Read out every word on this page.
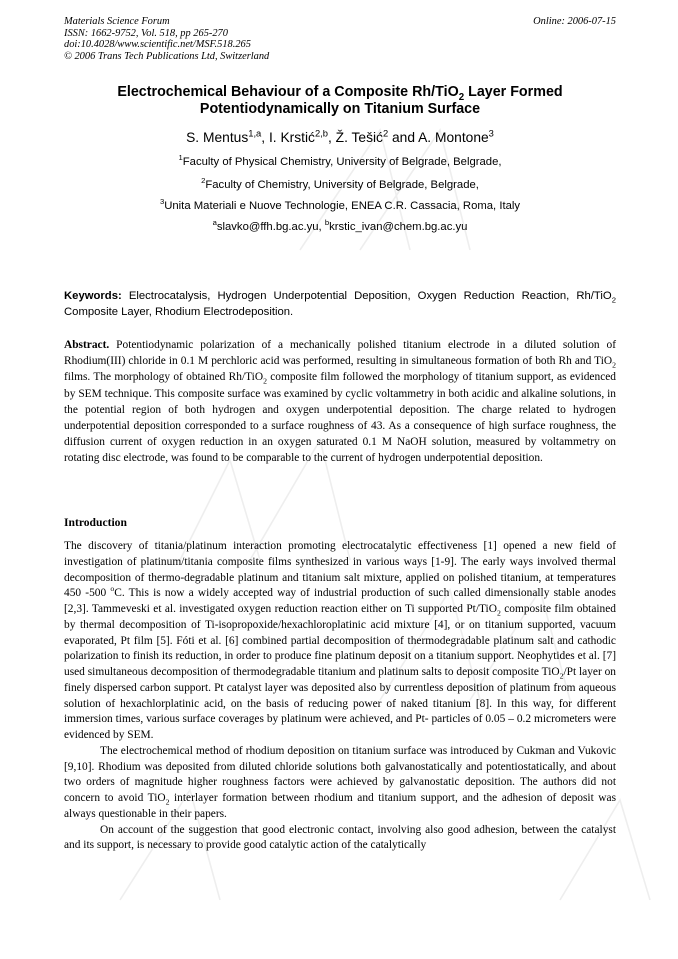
Materials Science Forum
ISSN: 1662-9752, Vol. 518, pp 265-270
doi:10.4028/www.scientific.net/MSF.518.265
© 2006 Trans Tech Publications Ltd, Switzerland
Online: 2006-07-15
Electrochemical Behaviour of a Composite Rh/TiO$_2$ Layer Formed
Potentiodynamically on Titanium Surface
S. Mentus$^{1,a}$, I. Krstić$^{2,b}$, Ž. Tešić$^2$ and A. Montone$^3$
$^1$Faculty of Physical Chemistry, University of Belgrade, Belgrade,
$^2$Faculty of Chemistry, University of Belgrade, Belgrade,
$^3$Unita Materiali e Nuove Technologie, ENEA C.R. Cassacia, Roma, Italy
$^a$slavko@ffh.bg.ac.yu, $^b$krstic_ivan@chem.bg.ac.yu
Keywords: Electrocatalysis, Hydrogen Underpotential Deposition, Oxygen Reduction Reaction, Rh/TiO$_2$ Composite Layer, Rhodium Electrodeposition.
Abstract. Potentiodynamic polarization of a mechanically polished titanium electrode in a diluted solution of Rhodium(III) chloride in 0.1 M perchloric acid was performed, resulting in simultaneous formation of both Rh and TiO$_2$ films. The morphology of obtained Rh/TiO$_2$ composite film followed the morphology of titanium support, as evidenced by SEM technique. This composite surface was examined by cyclic voltammetry in both acidic and alkaline solutions, in the potential region of both hydrogen and oxygen underpotential deposition. The charge related to hydrogen underpotential deposition corresponded to a surface roughness of 43. As a consequence of high surface roughness, the diffusion current of oxygen reduction in an oxygen saturated 0.1 M NaOH solution, measured by voltammetry on rotating disc electrode, was found to be comparable to the current of hydrogen underpotential deposition.
Introduction

The discovery of titania/platinum interaction promoting electrocatalytic effectiveness [1] opened a new field of investigation of platinum/titania composite films synthesized in various ways [1-9]. The early ways involved thermal decomposition of thermo-degradable platinum and titanium salt mixture, applied on polished titanium, at temperatures 450 -500 $^o$C. This is now a widely accepted way of industrial production of such called dimensionally stable anodes [2,3]. Tammeveski et al. investigated oxygen reduction reaction either on Ti supported Pt/TiO$_2$ composite film obtained by thermal decomposition of Ti-isopropoxide/hexachloroplatinic acid mixture [4], or on titanium supported, vacuum evaporated, Pt film [5]. Fóti et al. [6] combined partial decomposition of thermodegradable platinum salt and cathodic polarization to finish its reduction, in order to produce fine platinum deposit on a titanium support. Neophytides et al. [7] used simultaneous decomposition of thermodegradable titanium and platinum salts to deposit composite TiO$_2$/Pt layer on finely dispersed carbon support. Pt catalyst layer was deposited also by currentless deposition of platinum from aqueous solution of hexachlorplatinic acid, on the basis of reducing power of naked titanium [8]. In this way, for different immersion times, various surface coverages by platinum were achieved, and Pt- particles of 0.05 – 0.2 micrometers were evidenced by SEM.

The electrochemical method of rhodium deposition on titanium surface was introduced by Cukman and Vukovic [9,10]. Rhodium was deposited from diluted chloride solutions both galvanostatically and potentiostatically, and about two orders of magnitude higher roughness factors were achieved by galvanostatic deposition. The authors did not concern to avoid TiO$_2$ interlayer formation between rhodium and titanium support, and the adhesion of deposit was always questionable in their papers.

On account of the suggestion that good electronic contact, involving also good adhesion, between the catalyst and its support, is necessary to provide good catalytic action of the catalytically
